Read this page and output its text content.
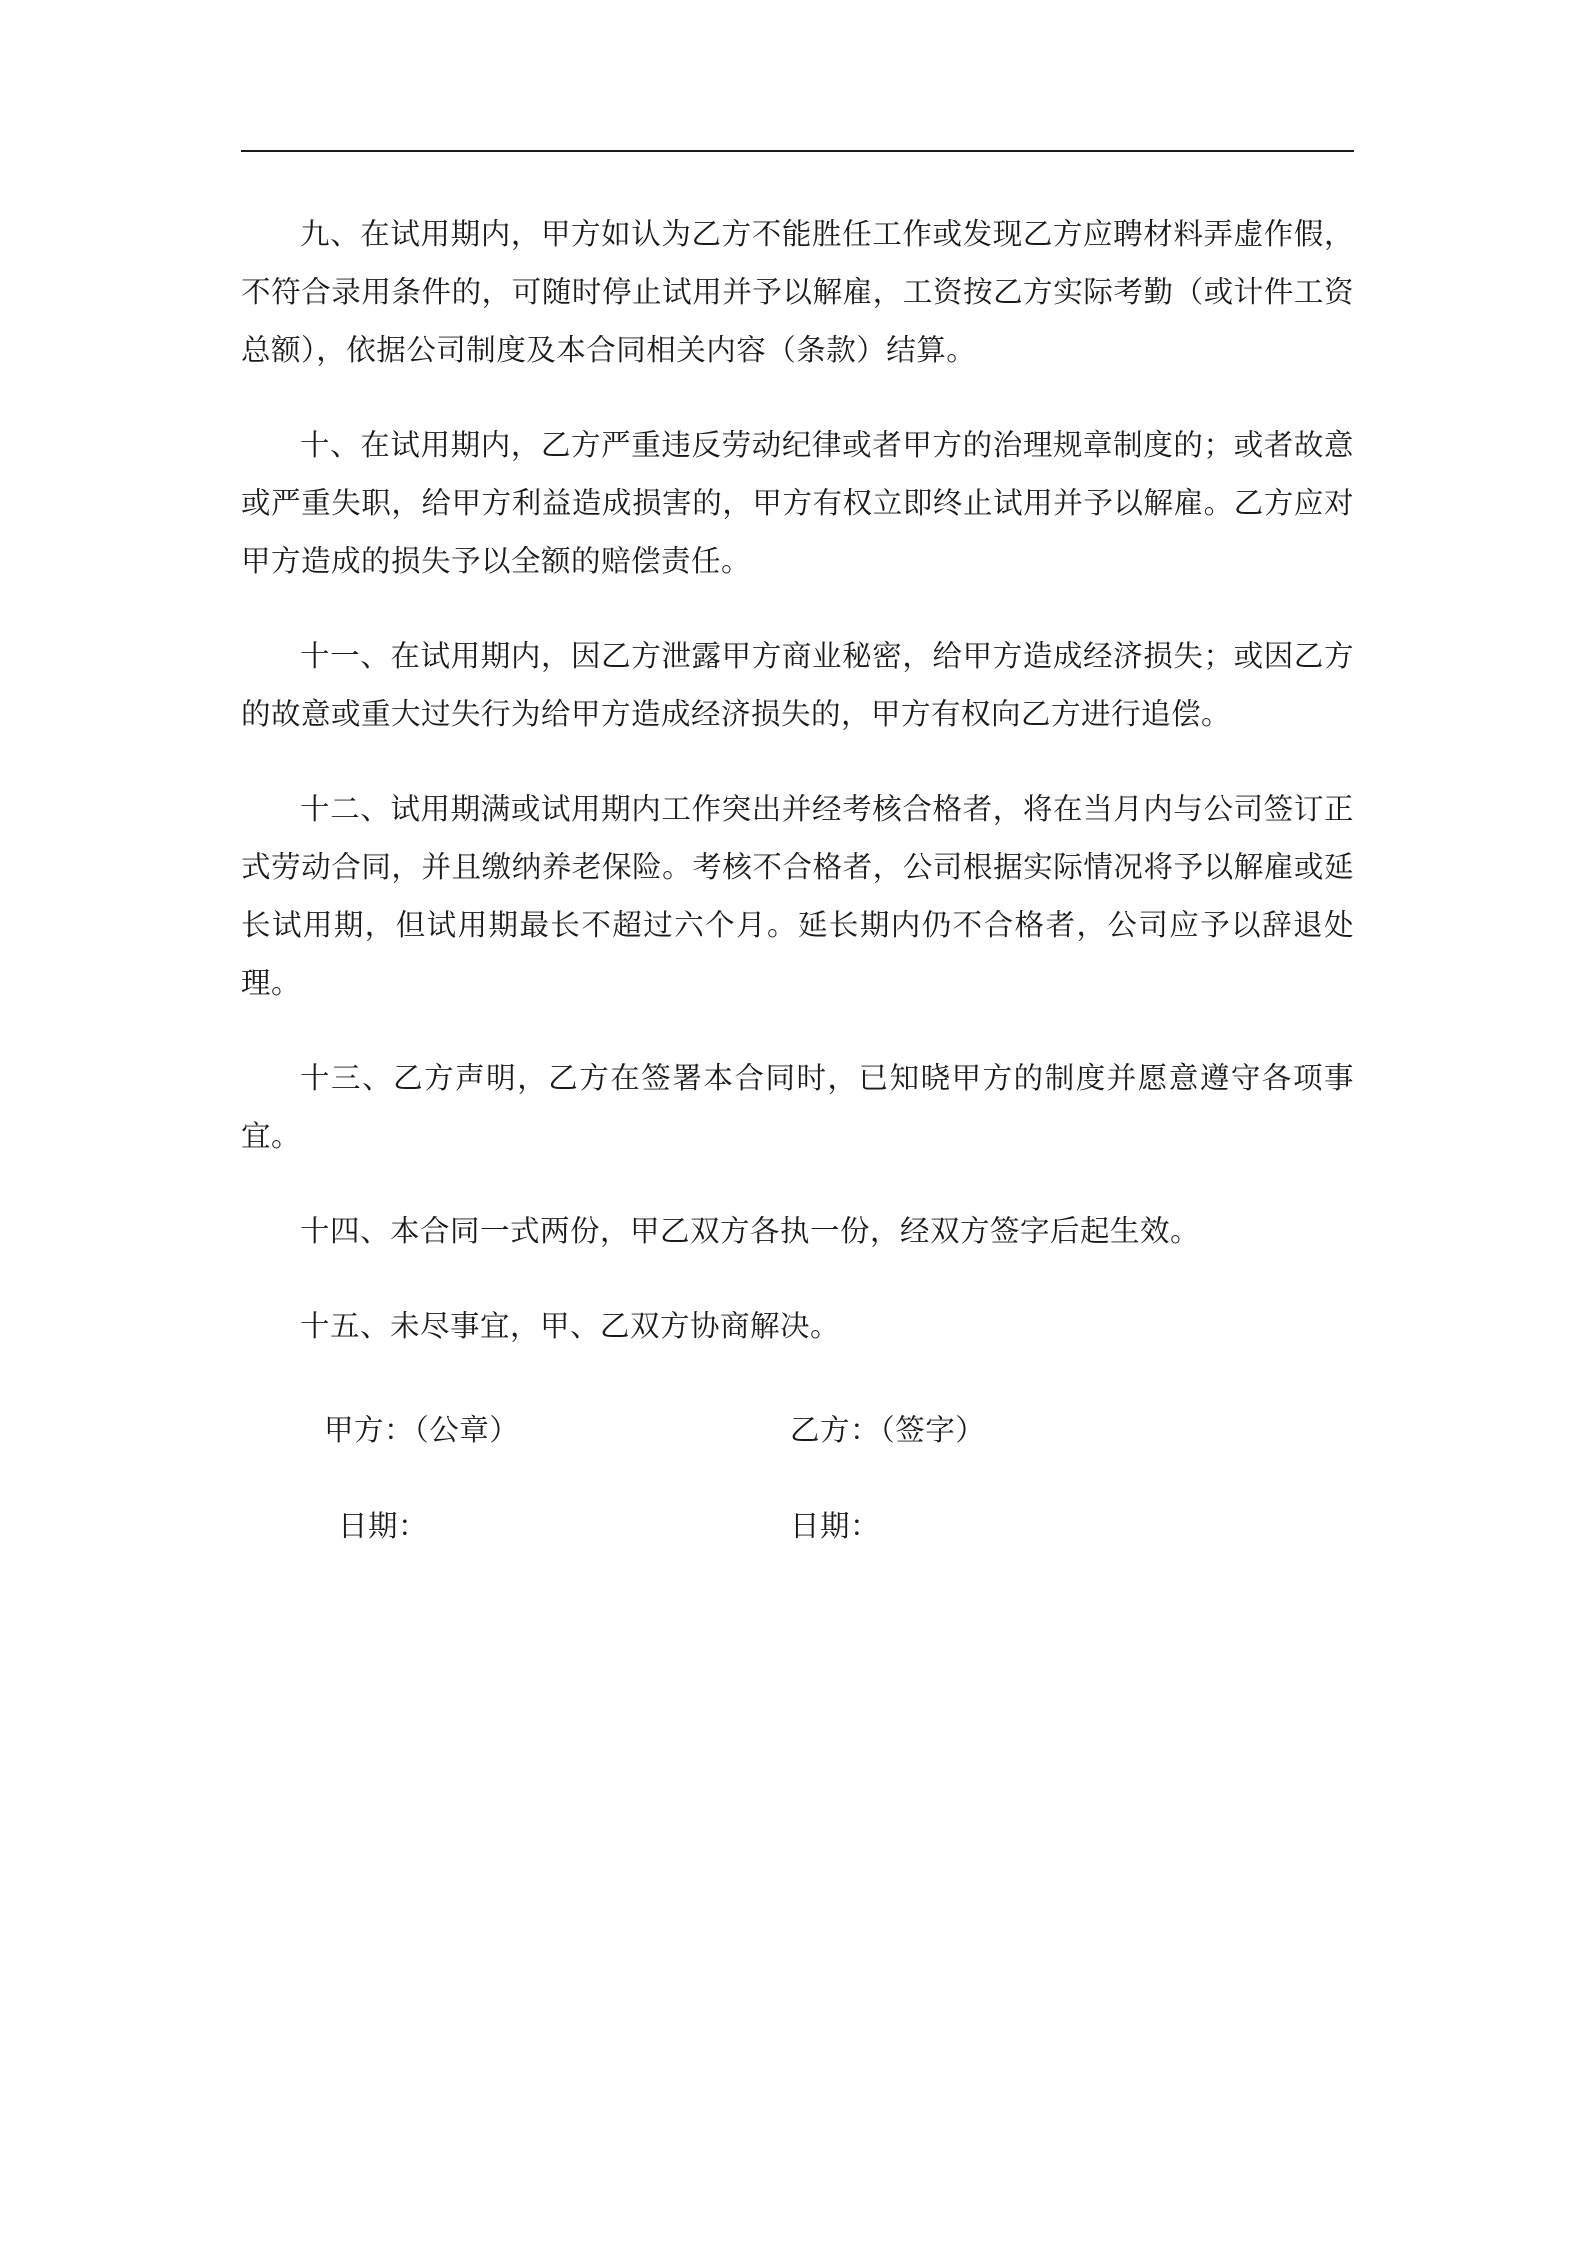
九、在试用期内，甲方如认为乙方不能胜任工作或发现乙方应聘材料弄虚作假，不符合录用条件的，可随时停止试用并予以解雇，工资按乙方实际考勤（或计件工资总额），依据公司制度及本合同相关内容（条款）结算。

十、在试用期内，乙方严重违反劳动纪律或者甲方的治理规章制度的；或者故意或严重失职，给甲方利益造成损害的，甲方有权立即终止试用并予以解雇。乙方应对甲方造成的损失予以全额的赔偿责任。

十一、在试用期内，因乙方泄露甲方商业秘密，给甲方造成经济损失；或因乙方的故意或重大过失行为给甲方造成经济损失的，甲方有权向乙方进行追偿。

十二、试用期满或试用期内工作突出并经考核合格者，将在当月内与公司签订正式劳动合同，并且缴纳养老保险。考核不合格者，公司根据实际情况将予以解雇或延长试用期，但试用期最长不超过六个月。延长期内仍不合格者，公司应予以辞退处理。

十三、乙方声明，乙方在签署本合同时，已知晓甲方的制度并愿意遵守各项事宜。

十四、本合同一式两份，甲乙双方各执一份，经双方签字后起生效。

十五、未尽事宜，甲、乙双方协商解决。

甲方：（公章）	乙方：（签字）
日期：	日期：
